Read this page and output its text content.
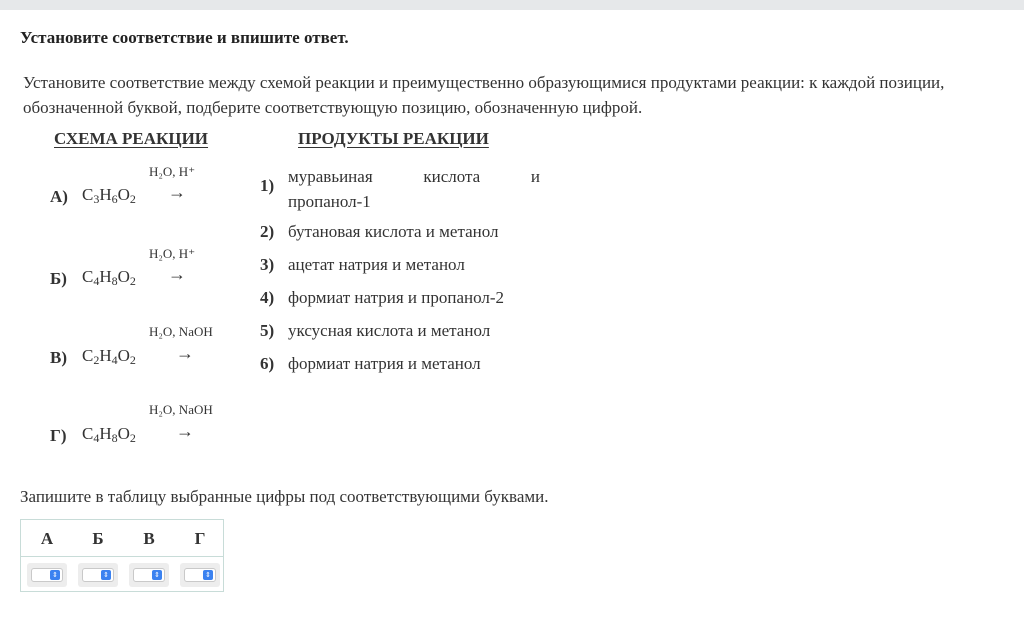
Установите соответствие и впишите ответ.
Установите соответствие между схемой реакции и преимущественно образующимися продуктами реакции: к каждой позиции, обозначенной буквой, подберите соответствующую позицию, обозначенную цифрой.
СХЕМА РЕАКЦИИ	ПРОДУКТЫ РЕАКЦИИ
А) $C_3H_6O_2$
H₂O, H⁺
→
Б) $C_4H_8O_2$
H₂O, H⁺
→
В) $C_2H_4O_2$
H₂O, NaOH
→
Г) $C_4H_8O_2$
H₂O, NaOH
→
1) муравьиная	кислота	и
пропанол-1
2) бутановая кислота и метанол
3) ацетат натрия и метанол
4) формиат натрия и пропанол-2
5) уксусная кислота и метанол
6) формиат натрия и метанол
Запишите в таблицу выбранные цифры под соответствующими буквами.
А	Б	В	Г
⇕	⇕	⇕	⇕
